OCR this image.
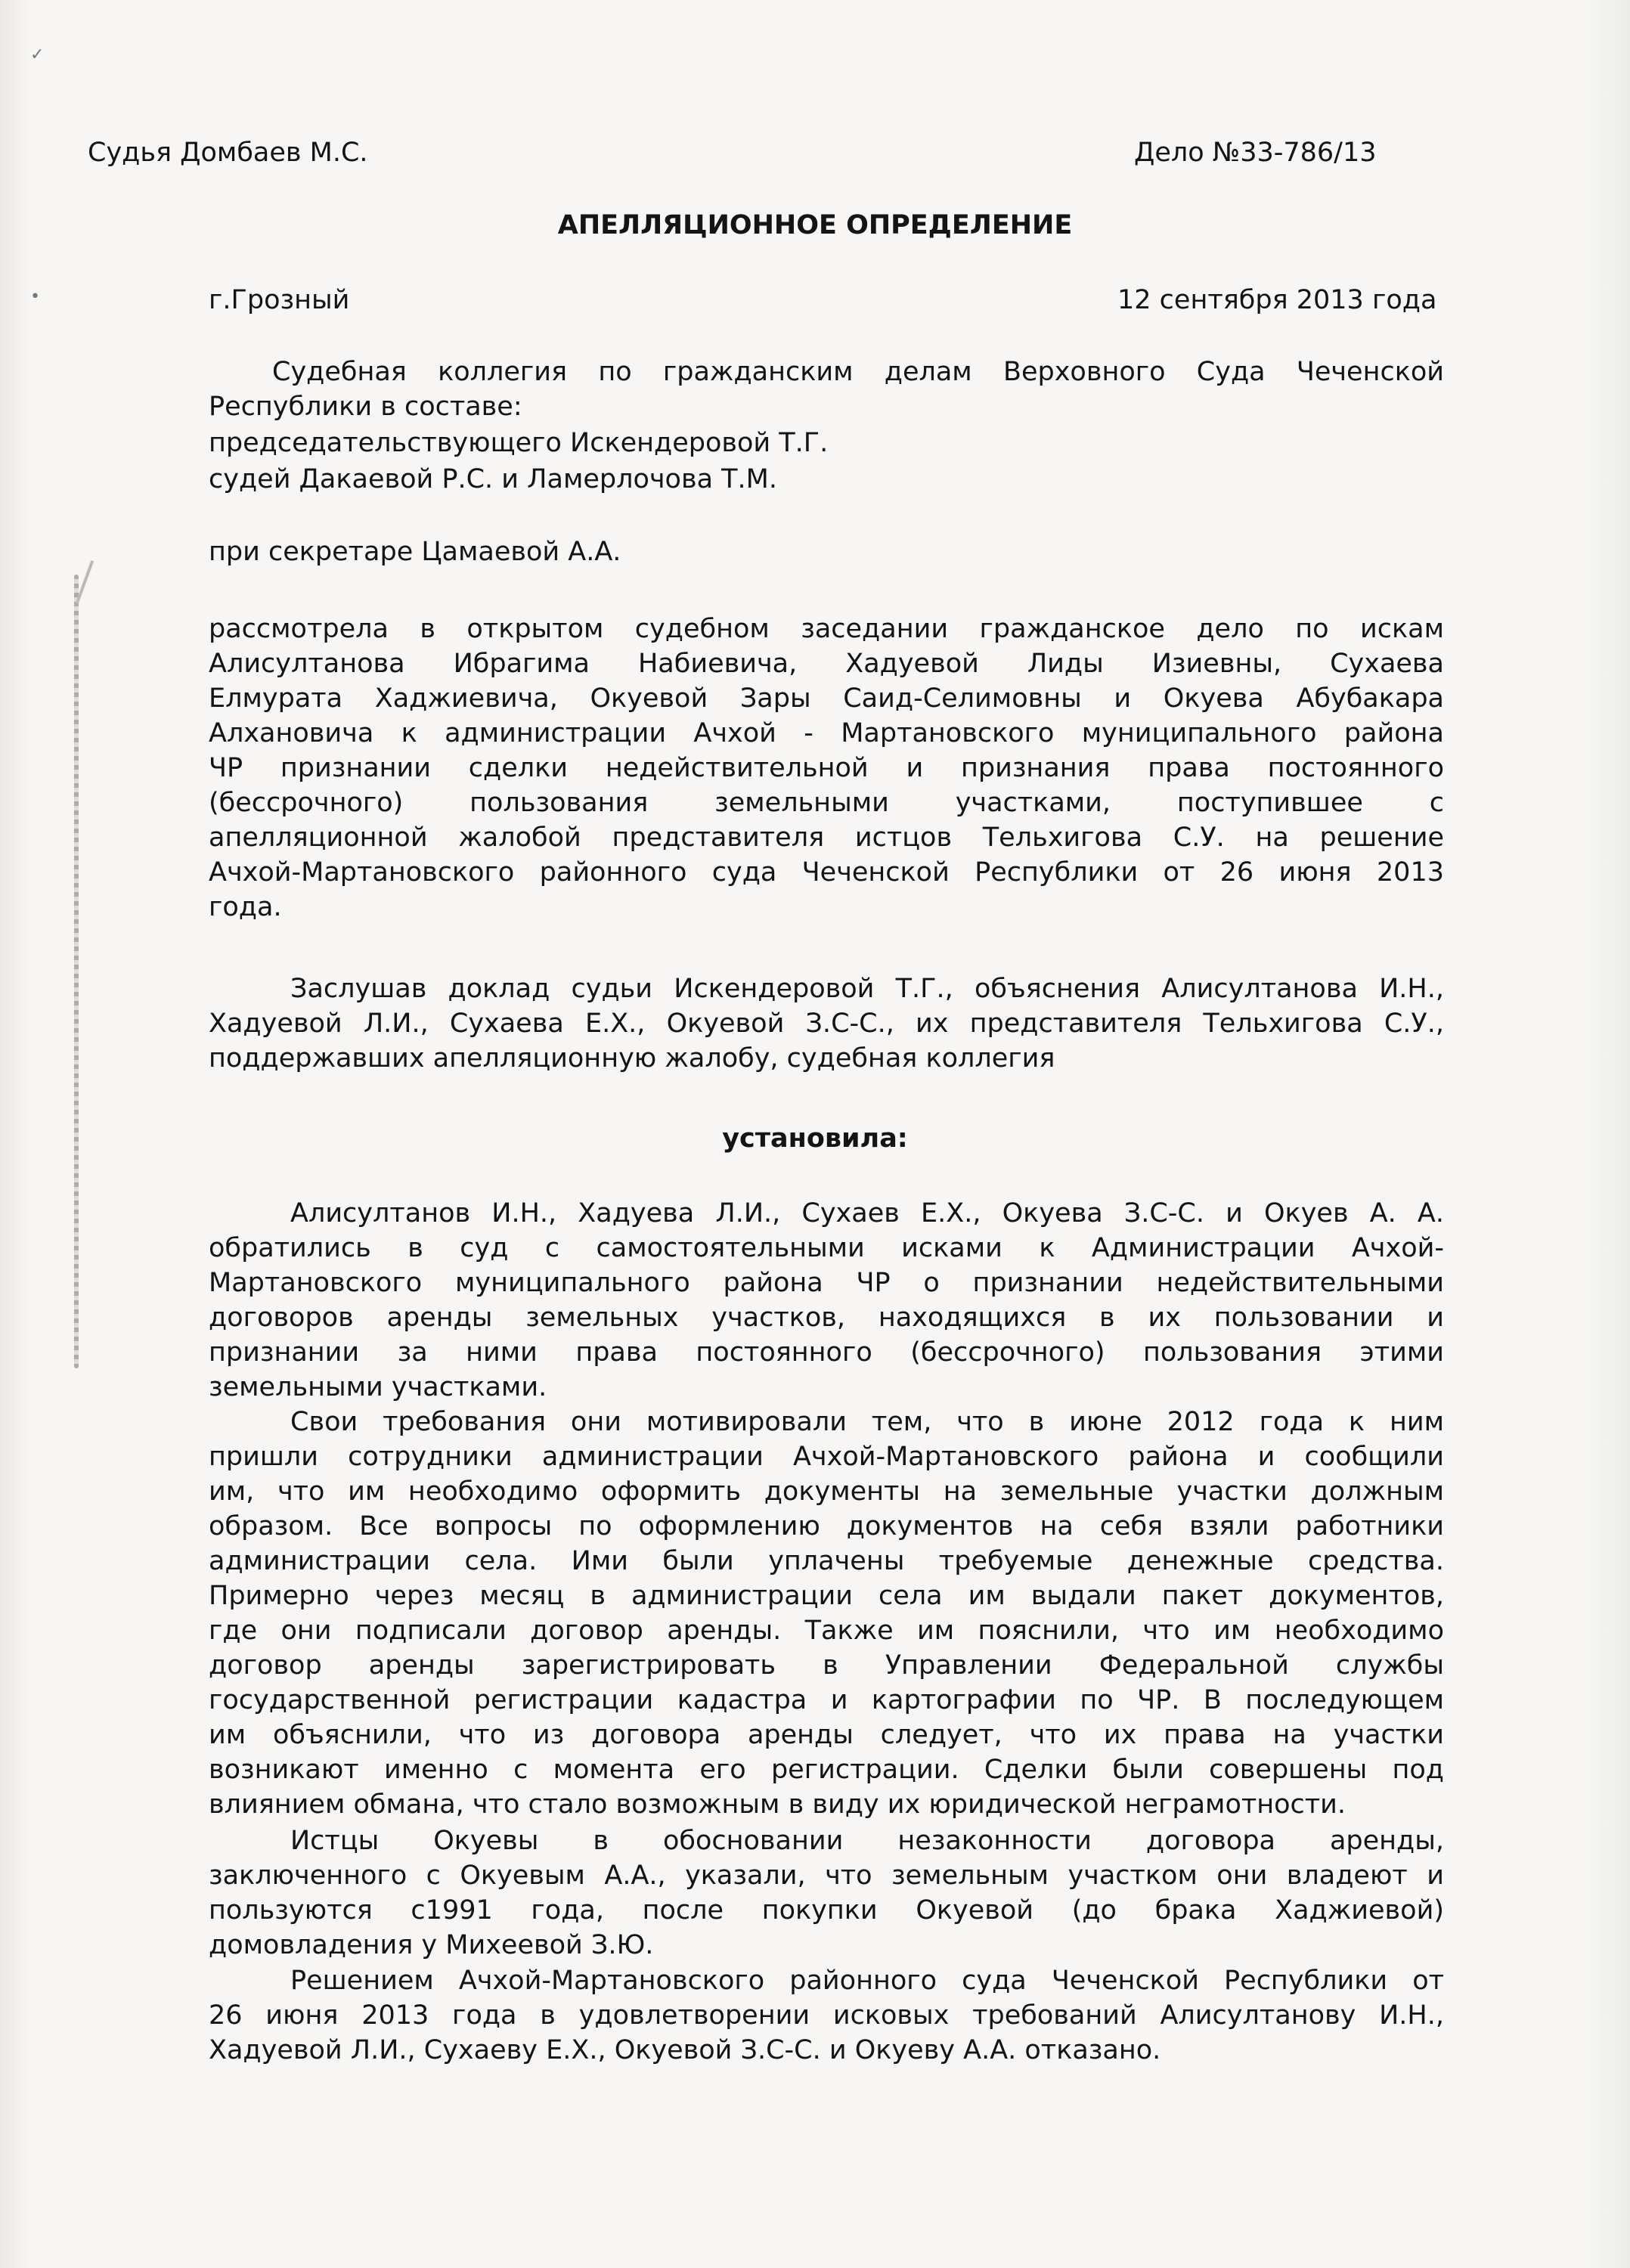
✓
•
Судья Домбаев М.С.	Дело №33-786/13
АПЕЛЛЯЦИОННОЕ ОПРЕДЕЛЕНИЕ
г.Грозный	12 сентября 2013 года
Судебная коллегия по гражданским делам Верховного Суда Чеченской
Республики в составе:
председательствующего Искендеровой Т.Г.
судей Дакаевой Р.С. и Ламерлочова Т.М.
при секретаре Цамаевой А.А.
рассмотрела в открытом судебном заседании гражданское дело по искам
Алисултанова Ибрагима Набиевича, Хадуевой Лиды Изиевны, Сухаева
Елмурата Хаджиевича, Окуевой Зары Саид-Селимовны и Окуева Абубакара
Алхановича к администрации Ачхой - Мартановского муниципального района
ЧР признании сделки недействительной и признания права постоянного
(бессрочного) пользования земельными участками, поступившее с
апелляционной жалобой представителя истцов Тельхигова С.У. на решение
Ачхой-Мартановского районного суда Чеченской Республики от 26 июня 2013
года.
Заслушав доклад судьи Искендеровой Т.Г., объяснения Алисултанова И.Н.,
Хадуевой Л.И., Сухаева Е.Х., Окуевой З.С-С., их представителя Тельхигова С.У.,
поддержавших апелляционную жалобу, судебная коллегия
установила:
Алисултанов И.Н., Хадуева Л.И., Сухаев Е.Х., Окуева З.С-С. и Окуев А. А.
обратились в суд с самостоятельными исками к Администрации Ачхой-
Мартановского муниципального района ЧР о признании недействительными
договоров аренды земельных участков, находящихся в их пользовании и
признании за ними права постоянного (бессрочного) пользования этими
земельными участками.
Свои требования они мотивировали тем, что в июне 2012 года к ним
пришли сотрудники администрации Ачхой-Мартановского района и сообщили
им, что им необходимо оформить документы на земельные участки должным
образом. Все вопросы по оформлению документов на себя взяли работники
администрации села. Ими были уплачены требуемые денежные средства.
Примерно через месяц в администрации села им выдали пакет документов,
где они подписали договор аренды. Также им пояснили, что им необходимо
договор аренды зарегистрировать в Управлении Федеральной службы
государственной регистрации кадастра и картографии по ЧР. В последующем
им объяснили, что из договора аренды следует, что их права на участки
возникают именно с момента его регистрации. Сделки были совершены под
влиянием обмана, что стало возможным в виду их юридической неграмотности.
Истцы Окуевы в обосновании незаконности договора аренды,
заключенного с Окуевым А.А., указали, что земельным участком они владеют и
пользуются с1991 года, после покупки Окуевой (до брака Хаджиевой)
домовладения у Михеевой З.Ю.
Решением Ачхой-Мартановского районного суда Чеченской Республики от
26 июня 2013 года в удовлетворении исковых требований Алисултанову И.Н.,
Хадуевой Л.И., Сухаеву Е.Х., Окуевой З.С-С. и Окуеву А.А. отказано.
